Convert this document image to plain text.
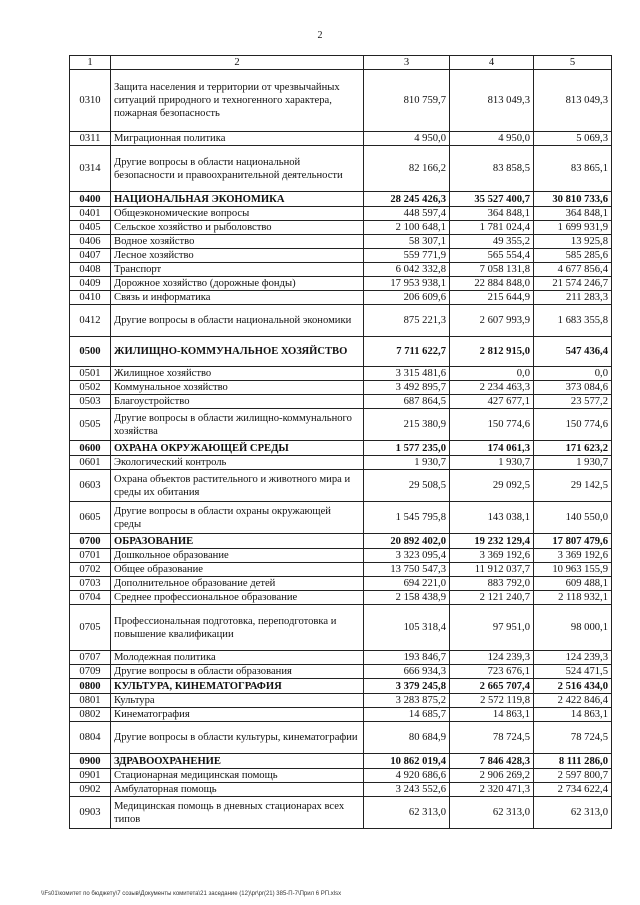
2
1	2	3	4	5
0310	Защита населения и территории от чрезвычайных ситуаций природного и техногенного характера, пожарная безопасность	810 759,7	813 049,3	813 049,3
0311	Миграционная политика	4 950,0	4 950,0	5 069,3
0314	Другие вопросы в области национальной безопасности и правоохранительной деятельности	82 166,2	83 858,5	83 865,1
0400	НАЦИОНАЛЬНАЯ ЭКОНОМИКА	28 245 426,3	35 527 400,7	30 810 733,6
0401	Общеэкономические вопросы	448 597,4	364 848,1	364 848,1
0405	Сельское хозяйство и рыболовство	2 100 648,1	1 781 024,4	1 699 931,9
0406	Водное хозяйство	58 307,1	49 355,2	13 925,8
0407	Лесное хозяйство	559 771,9	565 554,4	585 285,6
0408	Транспорт	6 042 332,8	7 058 131,8	4 677 856,4
0409	Дорожное хозяйство (дорожные фонды)	17 953 938,1	22 884 848,0	21 574 246,7
0410	Связь и информатика	206 609,6	215 644,9	211 283,3
0412	Другие вопросы в области национальной экономики	875 221,3	2 607 993,9	1 683 355,8
0500	ЖИЛИЩНО-КОММУНАЛЬНОЕ ХОЗЯЙСТВО	7 711 622,7	2 812 915,0	547 436,4
0501	Жилищное хозяйство	3 315 481,6	0,0	0,0
0502	Коммунальное хозяйство	3 492 895,7	2 234 463,3	373 084,6
0503	Благоустройство	687 864,5	427 677,1	23 577,2
0505	Другие вопросы в области жилищно-коммунального хозяйства	215 380,9	150 774,6	150 774,6
0600	ОХРАНА ОКРУЖАЮЩЕЙ СРЕДЫ	1 577 235,0	174 061,3	171 623,2
0601	Экологический контроль	1 930,7	1 930,7	1 930,7
0603	Охрана объектов растительного и животного мира и среды их обитания	29 508,5	29 092,5	29 142,5
0605	Другие вопросы в области охраны окружающей среды	1 545 795,8	143 038,1	140 550,0
0700	ОБРАЗОВАНИЕ	20 892 402,0	19 232 129,4	17 807 479,6
0701	Дошкольное образование	3 323 095,4	3 369 192,6	3 369 192,6
0702	Общее образование	13 750 547,3	11 912 037,7	10 963 155,9
0703	Дополнительное образование детей	694 221,0	883 792,0	609 488,1
0704	Среднее профессиональное образование	2 158 438,9	2 121 240,7	2 118 932,1
0705	Профессиональная подготовка, переподготовка и повышение квалификации	105 318,4	97 951,0	98 000,1
0707	Молодежная политика	193 846,7	124 239,3	124 239,3
0709	Другие вопросы в области образования	666 934,3	723 676,1	524 471,5
0800	КУЛЬТУРА, КИНЕМАТОГРАФИЯ	3 379 245,8	2 665 707,4	2 516 434,0
0801	Культура	3 283 875,2	2 572 119,8	2 422 846,4
0802	Кинематография	14 685,7	14 863,1	14 863,1
0804	Другие вопросы в области культуры, кинематографии	80 684,9	78 724,5	78 724,5
0900	ЗДРАВООХРАНЕНИЕ	10 862 019,4	7 846 428,3	8 111 286,0
0901	Стационарная медицинская помощь	4 920 686,6	2 906 269,2	2 597 800,7
0902	Амбулаторная помощь	3 243 552,6	2 320 471,3	2 734 622,4
0903	Медицинская помощь в дневных стационарах всех типов	62 313,0	62 313,0	62 313,0
\\Fs01\комитет по бюджету\7 созыв\Документы комитета\21 заседание (12)\pr\pr(21) 385-П-7\Прил 6 РП.xlsx
